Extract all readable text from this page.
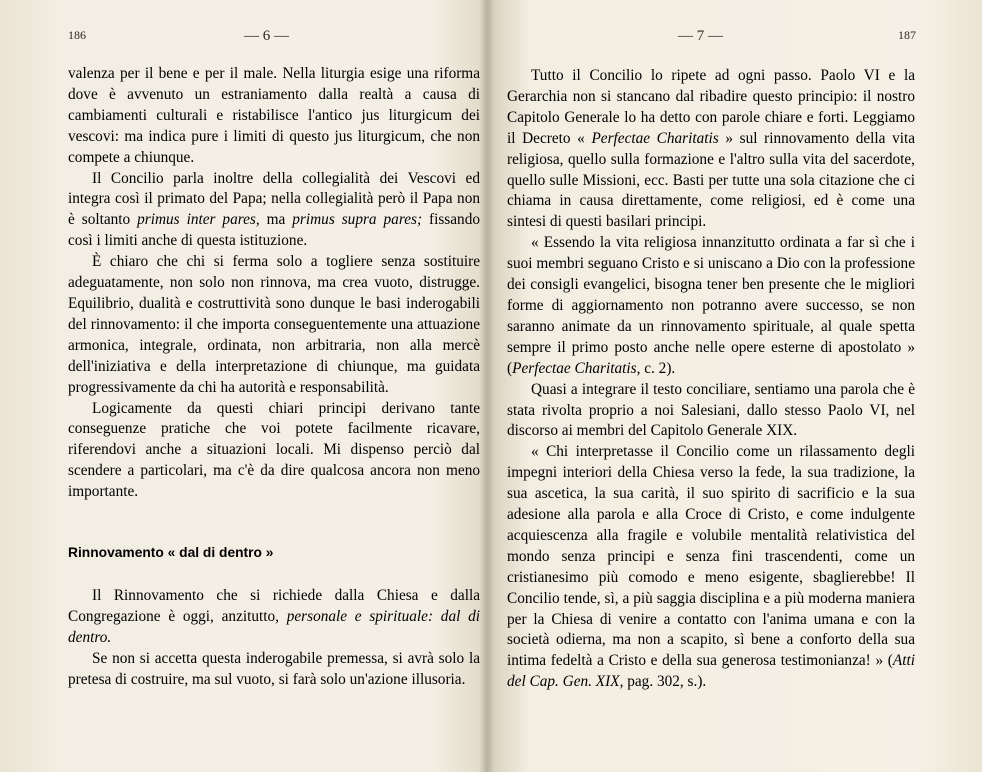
186	— 6 —

valenza per il bene e per il male. Nella liturgia esige una riforma dove è avvenuto un estraniamento dalla realtà a causa di cambiamenti culturali e ristabilisce l'antico jus liturgicum dei vescovi: ma indica pure i limiti di questo jus liturgicum, che non compete a chiunque.

Il Concilio parla inoltre della collegialità dei Vescovi ed integra così il primato del Papa; nella collegialità però il Papa non è soltanto primus inter pares, ma primus supra pares; fissando così i limiti anche di questa istituzione.

È chiaro che chi si ferma solo a togliere senza sostituire adeguatamente, non solo non rinnova, ma crea vuoto, distrugge. Equilibrio, dualità e costruttività sono dunque le basi inderogabili del rinnovamento: il che importa conseguentemente una attuazione armonica, integrale, ordinata, non arbitraria, non alla mercè dell'iniziativa e della interpretazione di chiunque, ma guidata progressivamente da chi ha autorità e responsabilità.

Logicamente da questi chiari principi derivano tante conseguenze pratiche che voi potete facilmente ricavare, riferendovi anche a situazioni locali. Mi dispenso perciò dal scendere a particolari, ma c'è da dire qualcosa ancora non meno importante.

Rinnovamento « dal di dentro »

Il Rinnovamento che si richiede dalla Chiesa e dalla Congregazione è oggi, anzitutto, personale e spirituale: dal di dentro.

Se non si accetta questa inderogabile premessa, si avrà solo la pretesa di costruire, ma sul vuoto, si farà solo un'azione illusoria.

— 7 —	187

Tutto il Concilio lo ripete ad ogni passo. Paolo VI e la Gerarchia non si stancano dal ribadire questo principio: il nostro Capitolo Generale lo ha detto con parole chiare e forti. Leggiamo il Decreto « Perfectae Charitatis » sul rinnovamento della vita religiosa, quello sulla formazione e l'altro sulla vita del sacerdote, quello sulle Missioni, ecc. Basti per tutte una sola citazione che ci chiama in causa direttamente, come religiosi, ed è come una sintesi di questi basilari principi.

« Essendo la vita religiosa innanzitutto ordinata a far sì che i suoi membri seguano Cristo e si uniscano a Dio con la professione dei consigli evangelici, bisogna tener ben presente che le migliori forme di aggiornamento non potranno avere successo, se non saranno animate da un rinnovamento spirituale, al quale spetta sempre il primo posto anche nelle opere esterne di apostolato » (Perfectae Charitatis, c. 2).

Quasi a integrare il testo conciliare, sentiamo una parola che è stata rivolta proprio a noi Salesiani, dallo stesso Paolo VI, nel discorso ai membri del Capitolo Generale XIX.

« Chi interpretasse il Concilio come un rilassamento degli impegni interiori della Chiesa verso la fede, la sua tradizione, la sua ascetica, la sua carità, il suo spirito di sacrificio e la sua adesione alla parola e alla Croce di Cristo, e come indulgente acquiescenza alla fragile e volubile mentalità relativistica del mondo senza principi e senza fini trascendenti, come un cristianesimo più comodo e meno esigente, sbaglierebbe! Il Concilio tende, sì, a più saggia disciplina e a più moderna maniera per la Chiesa di venire a contatto con l'anima umana e con la società odierna, ma non a scapito, sì bene a conforto della sua intima fedeltà a Cristo e della sua generosa testimonianza! » (Atti del Cap. Gen. XIX, pag. 302, s.).
